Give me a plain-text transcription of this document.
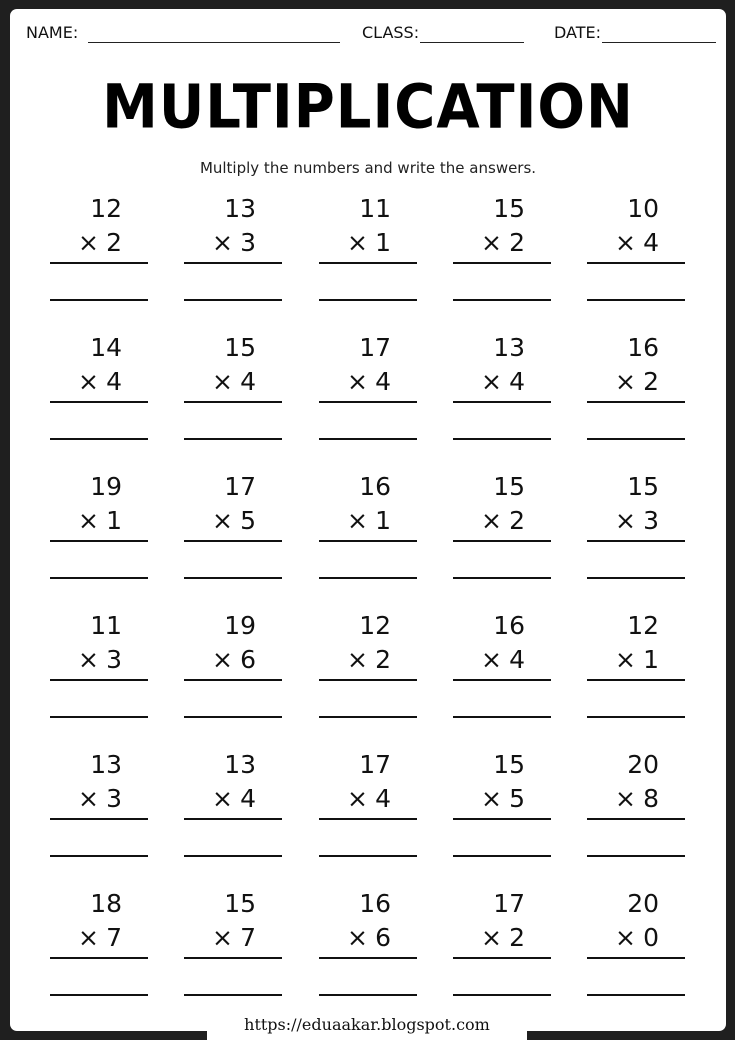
NAME:	CLASS:	DATE:
MULTIPLICATION
Multiply the numbers and write the answers.
12
× 2
13
× 3
11
× 1
15
× 2
10
× 4
14
× 4
15
× 4
17
× 4
13
× 4
16
× 2
19
× 1
17
× 5
16
× 1
15
× 2
15
× 3
11
× 3
19
× 6
12
× 2
16
× 4
12
× 1
13
× 3
13
× 4
17
× 4
15
× 5
20
× 8
18
× 7
15
× 7
16
× 6
17
× 2
20
× 0
https://eduaakar.blogspot.com
